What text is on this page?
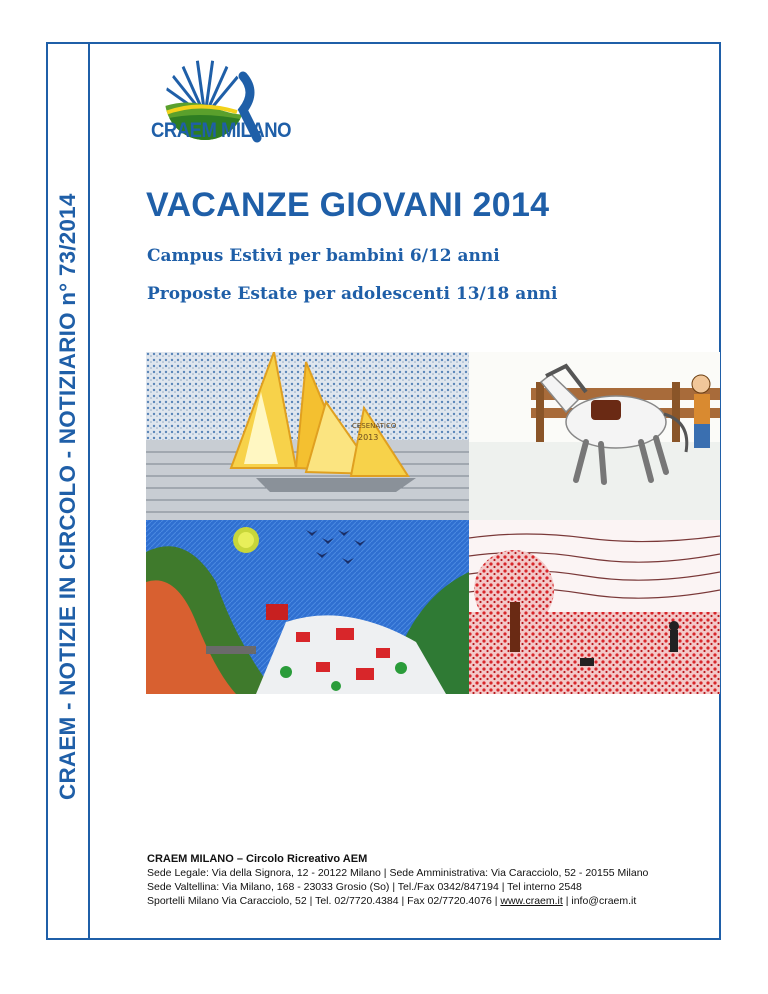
CRAEM - NOTIZIE IN CIRCOLO - NOTIZIARIO n° 73/2014
CRAEM MILANO
VACANZE GIOVANI 2014
Campus Estivi per bambini 6/12 anni
Proposte Estate per adolescenti 13/18 anni
CESENATICO
2013
CRAEM MILANO – Circolo Ricreativo AEM
Sede Legale: Via della Signora, 12 - 20122 Milano | Sede Amministrativa: Via Caracciolo, 52 - 20155 Milano
Sede Valtellina: Via Milano, 168 - 23033 Grosio (So) | Tel./Fax 0342/847194 | Tel interno 2548
Sportelli Milano Via Caracciolo, 52 | Tel. 02/7720.4384 | Fax 02/7720.4076 | www.craem.it | info@craem.it
